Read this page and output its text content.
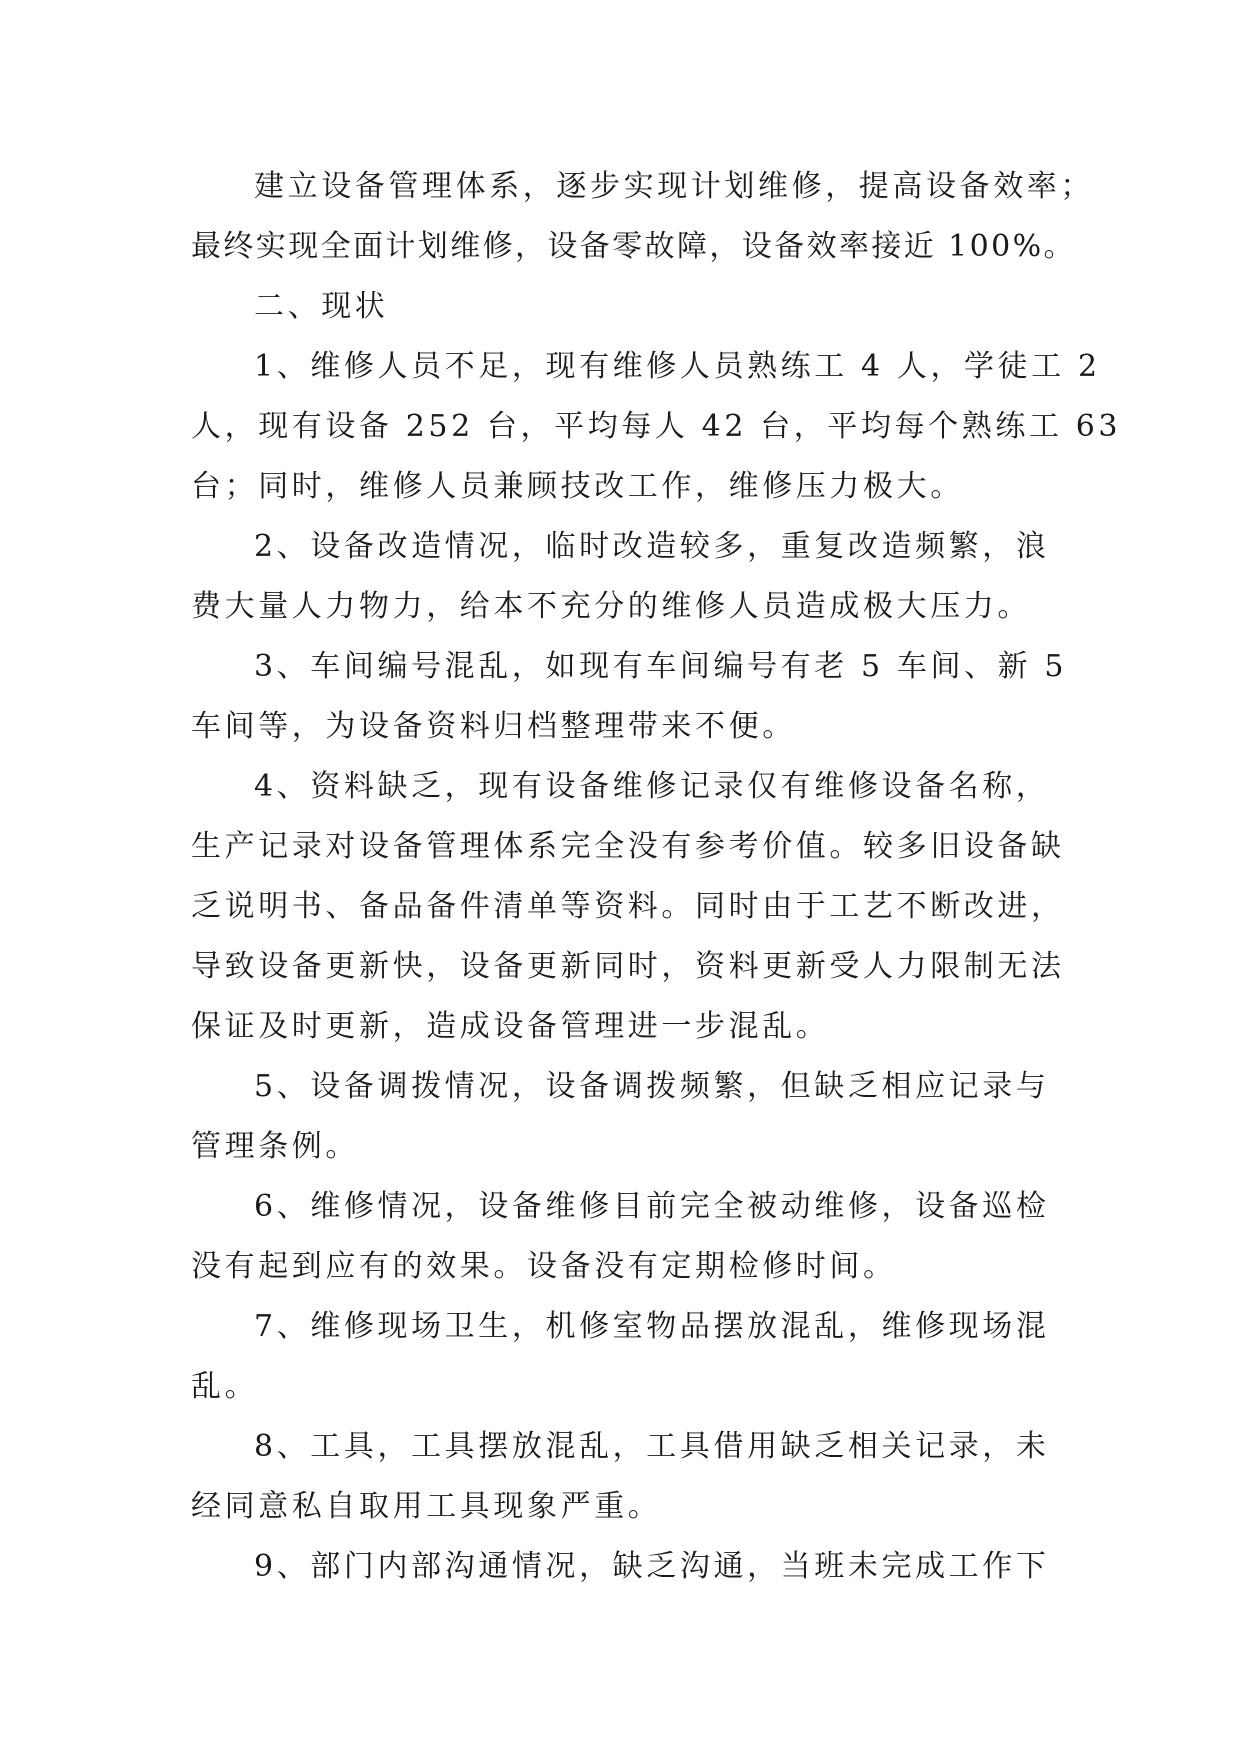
建立设备管理体系，逐步实现计划维修，提高设备效率；
最终实现全面计划维修，设备零故障，设备效率接近 100%。
二、现状
1、维修人员不足，现有维修人员熟练工 4 人，学徒工 2
人，现有设备 252 台，平均每人 42 台，平均每个熟练工 63
台；同时，维修人员兼顾技改工作，维修压力极大。
2、设备改造情况，临时改造较多，重复改造频繁，浪
费大量人力物力，给本不充分的维修人员造成极大压力。
3、车间编号混乱，如现有车间编号有老 5 车间、新 5
车间等，为设备资料归档整理带来不便。
4、资料缺乏，现有设备维修记录仅有维修设备名称，
生产记录对设备管理体系完全没有参考价值。较多旧设备缺
乏说明书、备品备件清单等资料。同时由于工艺不断改进，
导致设备更新快，设备更新同时，资料更新受人力限制无法
保证及时更新，造成设备管理进一步混乱。
5、设备调拨情况，设备调拨频繁，但缺乏相应记录与
管理条例。
6、维修情况，设备维修目前完全被动维修，设备巡检
没有起到应有的效果。设备没有定期检修时间。
7、维修现场卫生，机修室物品摆放混乱，维修现场混
乱。
8、工具，工具摆放混乱，工具借用缺乏相关记录，未
经同意私自取用工具现象严重。
9、部门内部沟通情况，缺乏沟通，当班未完成工作下
